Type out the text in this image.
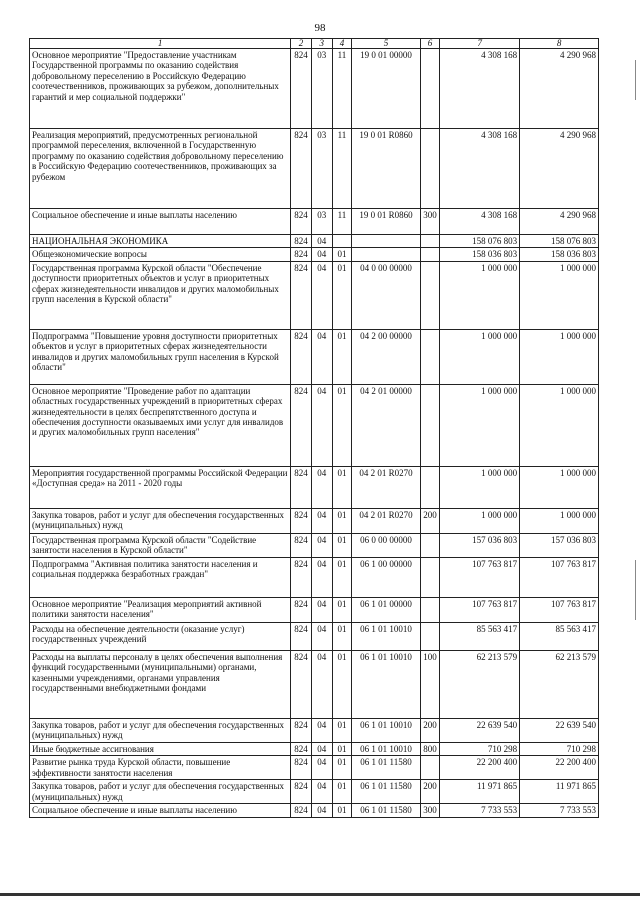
98
1	2	3	4	5	6	7	8
Основное мероприятие "Предоставление участникам Государственной программы по оказанию содействия добровольному переселению в Российскую Федерацию соотечественников, проживающих за рубежом, дополнительных гарантий и мер социальной поддержки"	824	03	11	19 0 01 00000		4 308 168	4 290 968
Реализация мероприятий, предусмотренных региональной программой переселения, включенной в Государственную программу по оказанию содействия добровольному переселению в Российскую Федерацию соотечественников, проживающих за рубежом	824	03	11	19 0 01 R0860		4 308 168	4 290 968
Социальное обеспечение и иные выплаты населению	824	03	11	19 0 01 R0860	300	4 308 168	4 290 968
НАЦИОНАЛЬНАЯ ЭКОНОМИКА	824	04				158 076 803	158 076 803
Общеэкономические вопросы	824	04	01			158 036 803	158 036 803
Государственная программа Курской области "Обеспечение доступности приоритетных объектов и услуг в приоритетных сферах жизнедеятельности инвалидов и других маломобильных групп населения в Курской области"	824	04	01	04 0 00 00000		1 000 000	1 000 000
Подпрограмма "Повышение уровня доступности приоритетных объектов и услуг в приоритетных сферах жизнедеятельности инвалидов и других маломобильных групп населения в Курской области"	824	04	01	04 2 00 00000		1 000 000	1 000 000
Основное мероприятие "Проведение работ по адаптации областных государственных учреждений в приоритетных сферах жизнедеятельности в целях беспрепятственного доступа и обеспечения доступности оказываемых ими услуг для инвалидов и других маломобильных групп населения"	824	04	01	04 2 01 00000		1 000 000	1 000 000
Мероприятия государственной программы Российской Федерации «Доступная среда» на 2011 - 2020 годы	824	04	01	04 2 01 R0270		1 000 000	1 000 000
Закупка товаров, работ и услуг для обеспечения государственных (муниципальных) нужд	824	04	01	04 2 01 R0270	200	1 000 000	1 000 000
Государственная программа Курской области "Содействие занятости населения в Курской области"	824	04	01	06 0 00 00000		157 036 803	157 036 803
Подпрограмма "Активная политика занятости населения и социальная поддержка безработных граждан"	824	04	01	06 1 00 00000		107 763 817	107 763 817
Основное мероприятие "Реализация мероприятий активной политики занятости населения"	824	04	01	06 1 01 00000		107 763 817	107 763 817
Расходы на обеспечение деятельности (оказание услуг) государственных учреждений	824	04	01	06 1 01 10010		85 563 417	85 563 417
Расходы на выплаты персоналу в целях обеспечения выполнения функций государственными (муниципальными) органами, казенными учреждениями, органами управления государственными внебюджетными фондами	824	04	01	06 1 01 10010	100	62 213 579	62 213 579
Закупка товаров, работ и услуг для обеспечения государственных (муниципальных) нужд	824	04	01	06 1 01 10010	200	22 639 540	22 639 540
Иные бюджетные ассигнования	824	04	01	06 1 01 10010	800	710 298	710 298
Развитие рынка труда Курской области, повышение эффективности занятости населения	824	04	01	06 1 01 11580		22 200 400	22 200 400
Закупка товаров, работ и услуг для обеспечения государственных (муниципальных) нужд	824	04	01	06 1 01 11580	200	11 971 865	11 971 865
Социальное обеспечение и иные выплаты населению	824	04	01	06 1 01 11580	300	7 733 553	7 733 553
